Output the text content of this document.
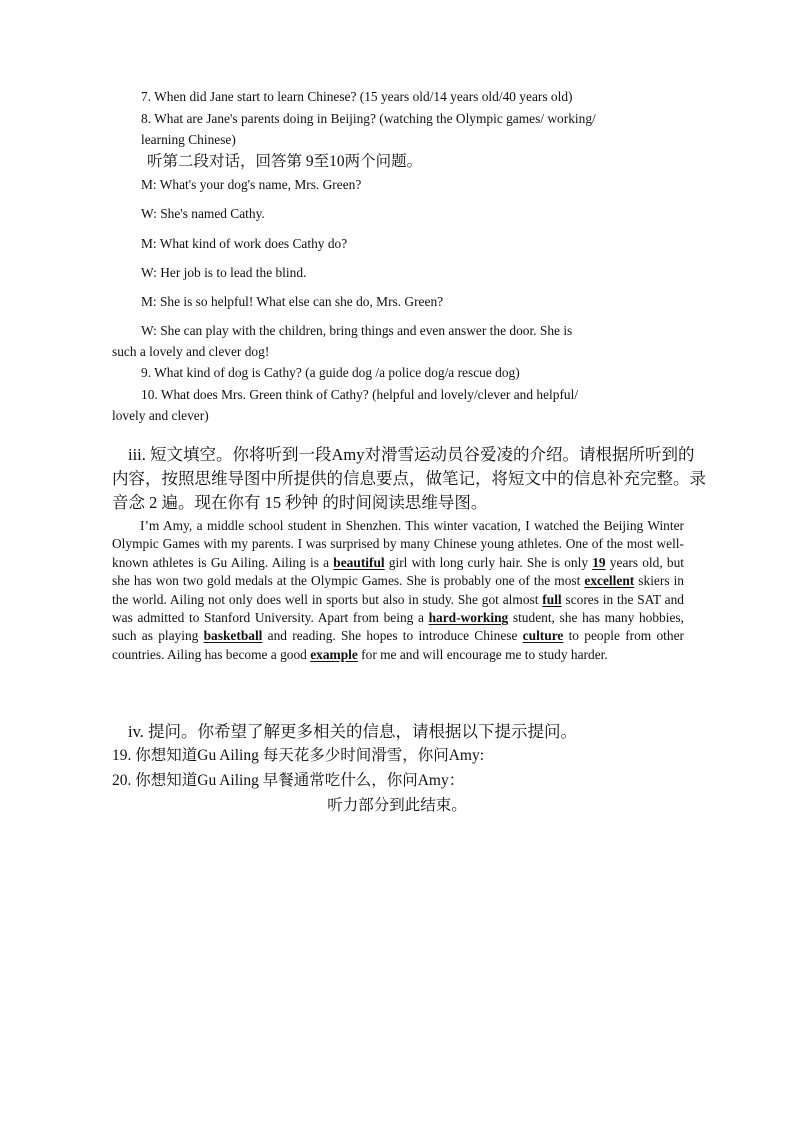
7. When did Jane start to learn Chinese? (15 years old/14 years old/40 years old)
8. What are Jane's parents doing in Beijing? (watching the Olympic games/ working/
learning Chinese)
听第二段对话，回答第 9至10两个问题。
M: What's your dog's name, Mrs. Green?
W: She's named Cathy.
M: What kind of work does Cathy do?
W: Her job is to lead the blind.
M: She is so helpful! What else can she do, Mrs. Green?
W: She can play with the children, bring things and even answer the door. She is
such a lovely and clever dog!
9. What kind of dog is Cathy? (a guide dog /a police dog/a rescue dog)
10. What does Mrs. Green think of Cathy? (helpful and lovely/clever and helpful/
lovely and clever)
iii. 短文填空。你将听到一段Amy对滑雪运动员谷爱凌的介绍。请根据所听到的
内容，按照思维导图中所提供的信息要点，做笔记，将短文中的信息补充完整。录
音念 2 遍。现在你有 15 秒钟 的时间阅读思维导图。

I’m Amy, a middle school student in Shenzhen. This winter vacation, I watched the Beijing Winter Olympic Games with my parents. I was surprised by many Chinese young athletes. One of the most well-known athletes is Gu Ailing. Ailing is a beautiful girl with long curly hair. She is only 19 years old, but she has won two gold medals at the Olympic Games. She is probably one of the most excellent skiers in the world. Ailing not only does well in sports but also in study. She got almost full scores in the SAT and was admitted to Stanford University. Apart from being a hard-working student, she has many hobbies, such as playing basketball and reading. She hopes to introduce Chinese culture to people from other countries. Ailing has become a good example for me and will encourage me to study harder.

iv. 提问。你希望了解更多相关的信息，请根据以下提示提问。
19. 你想知道Gu Ailing 每天花多少时间滑雪，你问Amy:
20. 你想知道Gu Ailing 早餐通常吃什么，你问Amy：
听力部分到此结束。
